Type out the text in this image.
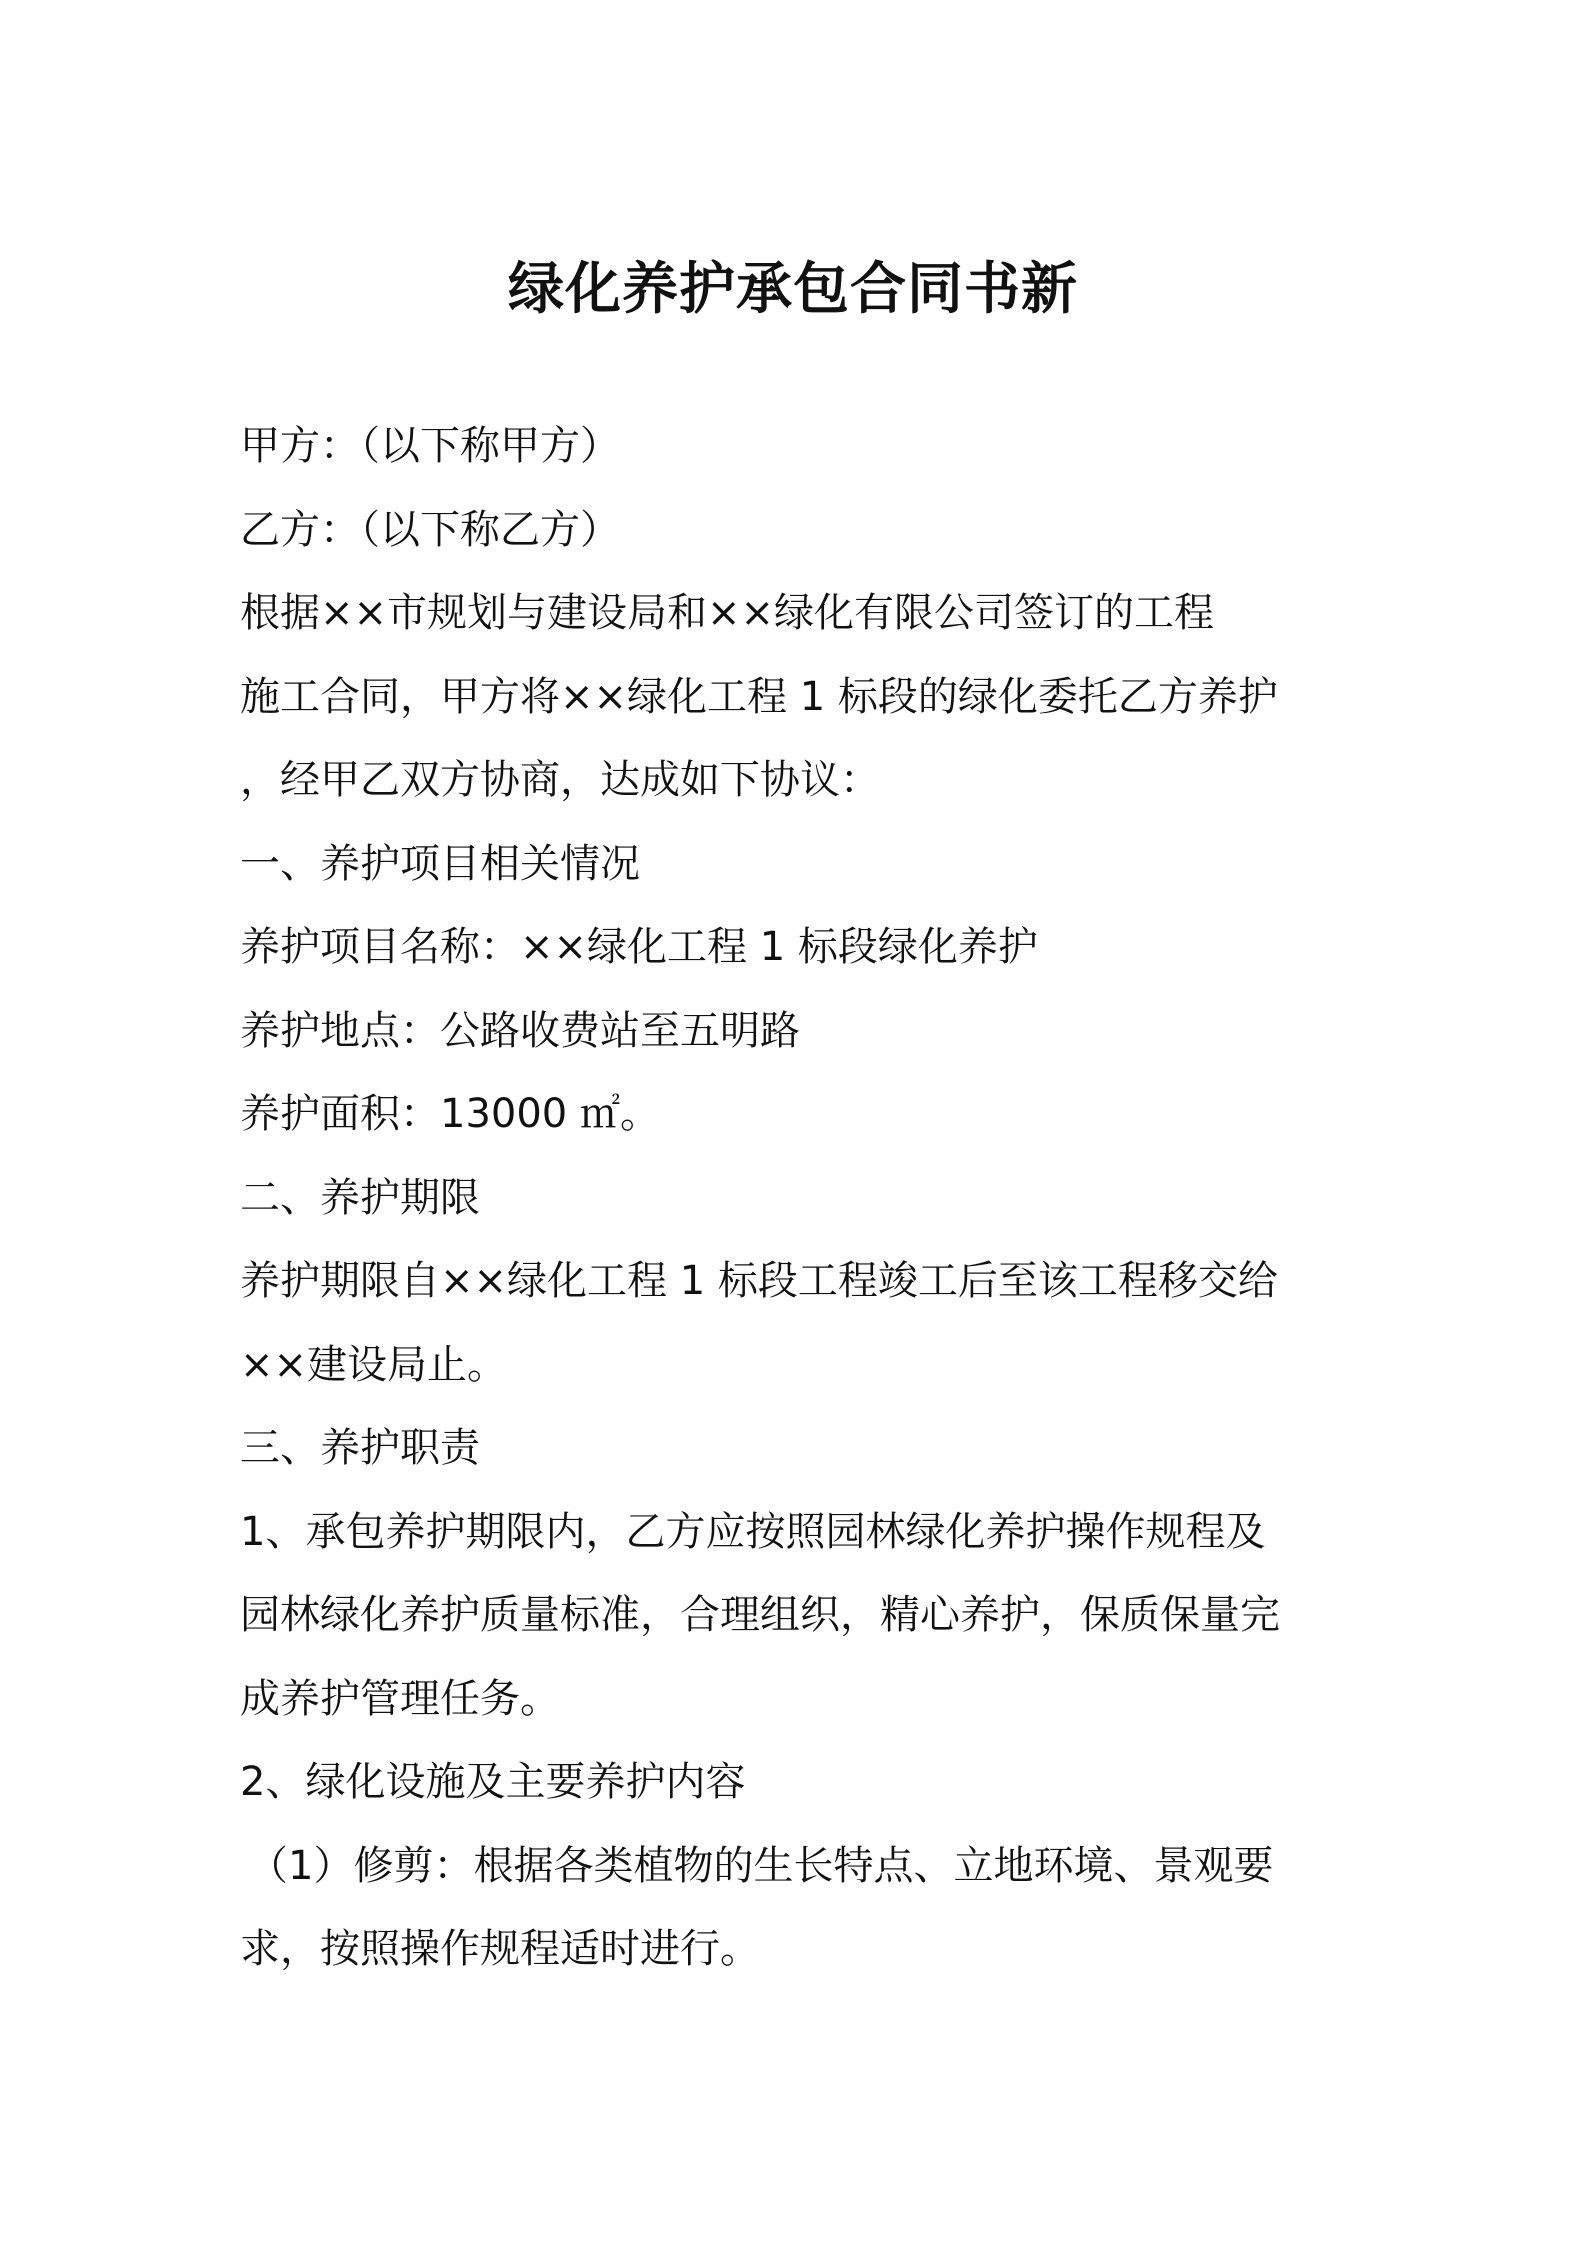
绿化养护承包合同书新

甲方：（以下称甲方）

乙方：（以下称乙方）

根据××市规划与建设局和××绿化有限公司签订的工程

施工合同，甲方将××绿化工程 1 标段的绿化委托乙方养护

，经甲乙双方协商，达成如下协议：

一、养护项目相关情况

养护项目名称：××绿化工程 1 标段绿化养护

养护地点：公路收费站至五明路

养护面积：13000 ㎡。

二、养护期限

养护期限自××绿化工程 1 标段工程竣工后至该工程移交给

××建设局止。

三、养护职责

1、承包养护期限内，乙方应按照园林绿化养护操作规程及

园林绿化养护质量标准，合理组织，精心养护，保质保量完

成养护管理任务。

2、绿化设施及主要养护内容

（1）修剪：根据各类植物的生长特点、立地环境、景观要

求，按照操作规程适时进行。
